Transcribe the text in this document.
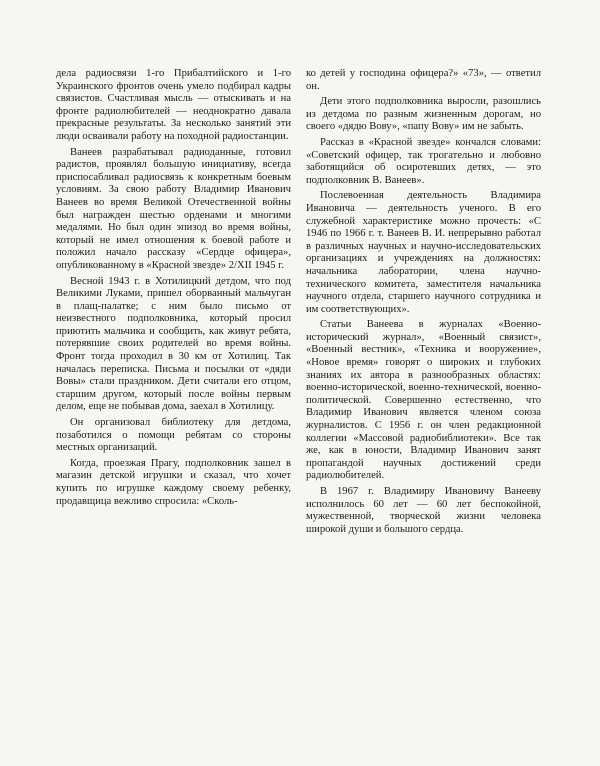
дела радиосвязи 1-го Прибалтийского и 1-го Украинского фронтов очень умело подбирал кадры связистов. Счастливая мысль — отыскивать и на фронте радиолюбителей — неоднократно давала прекрасные результаты. За несколько занятий эти люди осваивали работу на походной радиостанции.

Ванеев разрабатывал радиоданные, готовил радистов, проявлял большую инициативу, всегда приспосабливал радиосвязь к конкретным боевым условиям. За свою работу Владимир Иванович Ванеев во время Великой Отечественной войны был награжден шестью орденами и многими медалями. Но был один эпизод во время войны, который не имел отношения к боевой работе и положил начало рассказу «Сердце офицера», опубликованному в «Красной звезде» 2/XII 1945 г.

Весной 1943 г. в Хотилицкий детдом, что под Великими Луками, пришел оборванный мальчуган в плащ-палатке; с ним было письмо от неизвестного подполковника, который просил приютить мальчика и сообщить, как живут ребята, потерявшие своих родителей во время войны. Фронт тогда проходил в 30 км от Хотилиц. Так началась переписка. Письма и посылки от «дяди Вовы» стали праздником. Дети считали его отцом, старшим другом, который после войны первым делом, еще не побывав дома, заехал в Хотилицу.

Он организовал библиотеку для детдома, позаботился о помощи ребятам со стороны местных организаций.

Когда, проезжая Прагу, подполковник зашел в магазин детской игрушки и сказал, что хочет купить по игрушке каждому своему ребенку, продавщица вежливо спросила: «Сколь-

ко детей у господина офицера?» «73», — ответил он.

Дети этого подполковника выросли, разошлись из детдома по разным жизненным дорогам, но своего «дядю Вову», «папу Вову» им не забыть.

Рассказ в «Красной звезде» кончался словами: «Советский офицер, так трогательно и любовно заботящийся об осиротевших детях, — это подполковник В. Ванеев».

Послевоенная деятельность Владимира Ивановича — деятельность ученого. В его служебной характеристике можно прочесть: «С 1946 по 1966 г. т. Ванеев В. И. непрерывно работал в различных научных и научно-исследовательских организациях и учреждениях на должностях: начальника лаборатории, члена научно-технического комитета, заместителя начальника научного отдела, старшего научного сотрудника и им соответствующих».

Статьи Ванеева в журналах «Военно-исторический журнал», «Военный связист», «Военный вестник», «Техника и вооружение», «Новое время» говорят о широких и глубоких знаниях их автора в разнообразных областях: военно-исторической, военно-технической, военно-политической. Совершенно естественно, что Владимир Иванович является членом союза журналистов. С 1956 г. он член редакционной коллегии «Массовой радиобиблиотеки». Все так же, как в юности, Владимир Иванович занят пропагандой научных достижений среди радиолюбителей.

В 1967 г. Владимиру Ивановичу Ванееву исполнилось 60 лет — 60 лет беспокойной, мужественной, творческой жизни человека широкой души и большого сердца.
